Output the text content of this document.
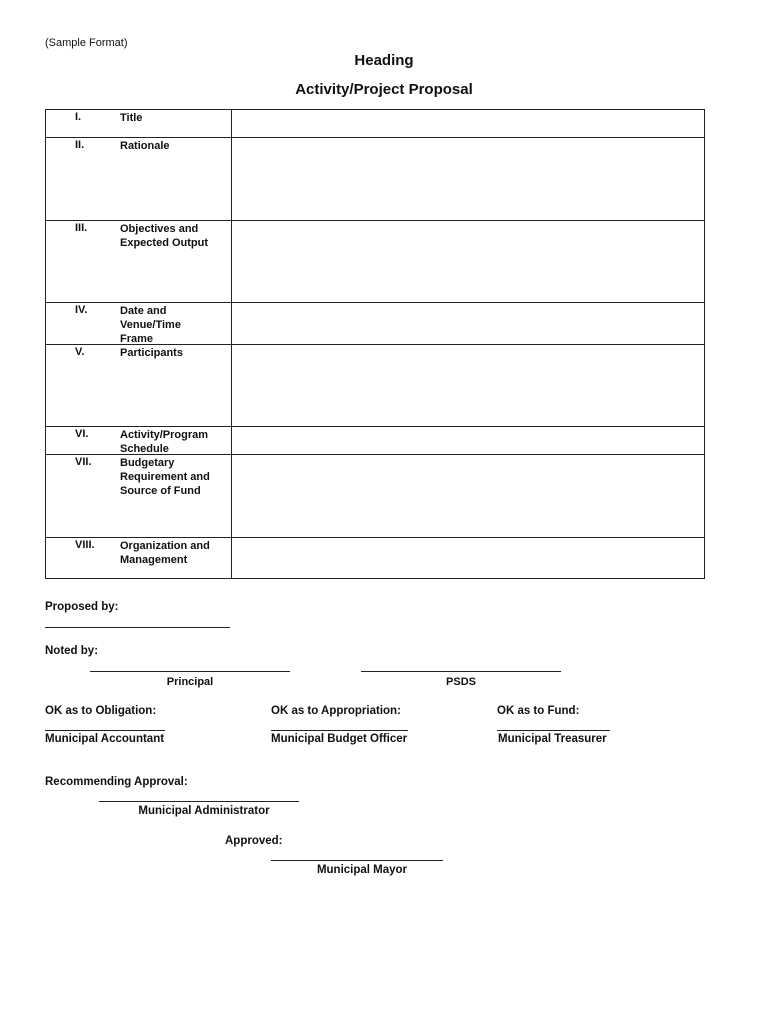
(Sample Format)
Heading
Activity/Project Proposal
I. Title	

II. Rationale	

III. Objectives and Expected Output	

IV. Date and Venue/Time Frame	

V. Participants	

VI. Activity/Program Schedule	

VII. Budgetary Requirement and Source of Fund	

VIII. Organization and Management	

Proposed by:
Noted by:
Principal	PSDS
OK as to Obligation:	OK as to Appropriation:	OK as to Fund:
Municipal Accountant	Municipal Budget Officer	Municipal Treasurer
Recommending Approval:
Municipal Administrator
Approved:
Municipal Mayor
